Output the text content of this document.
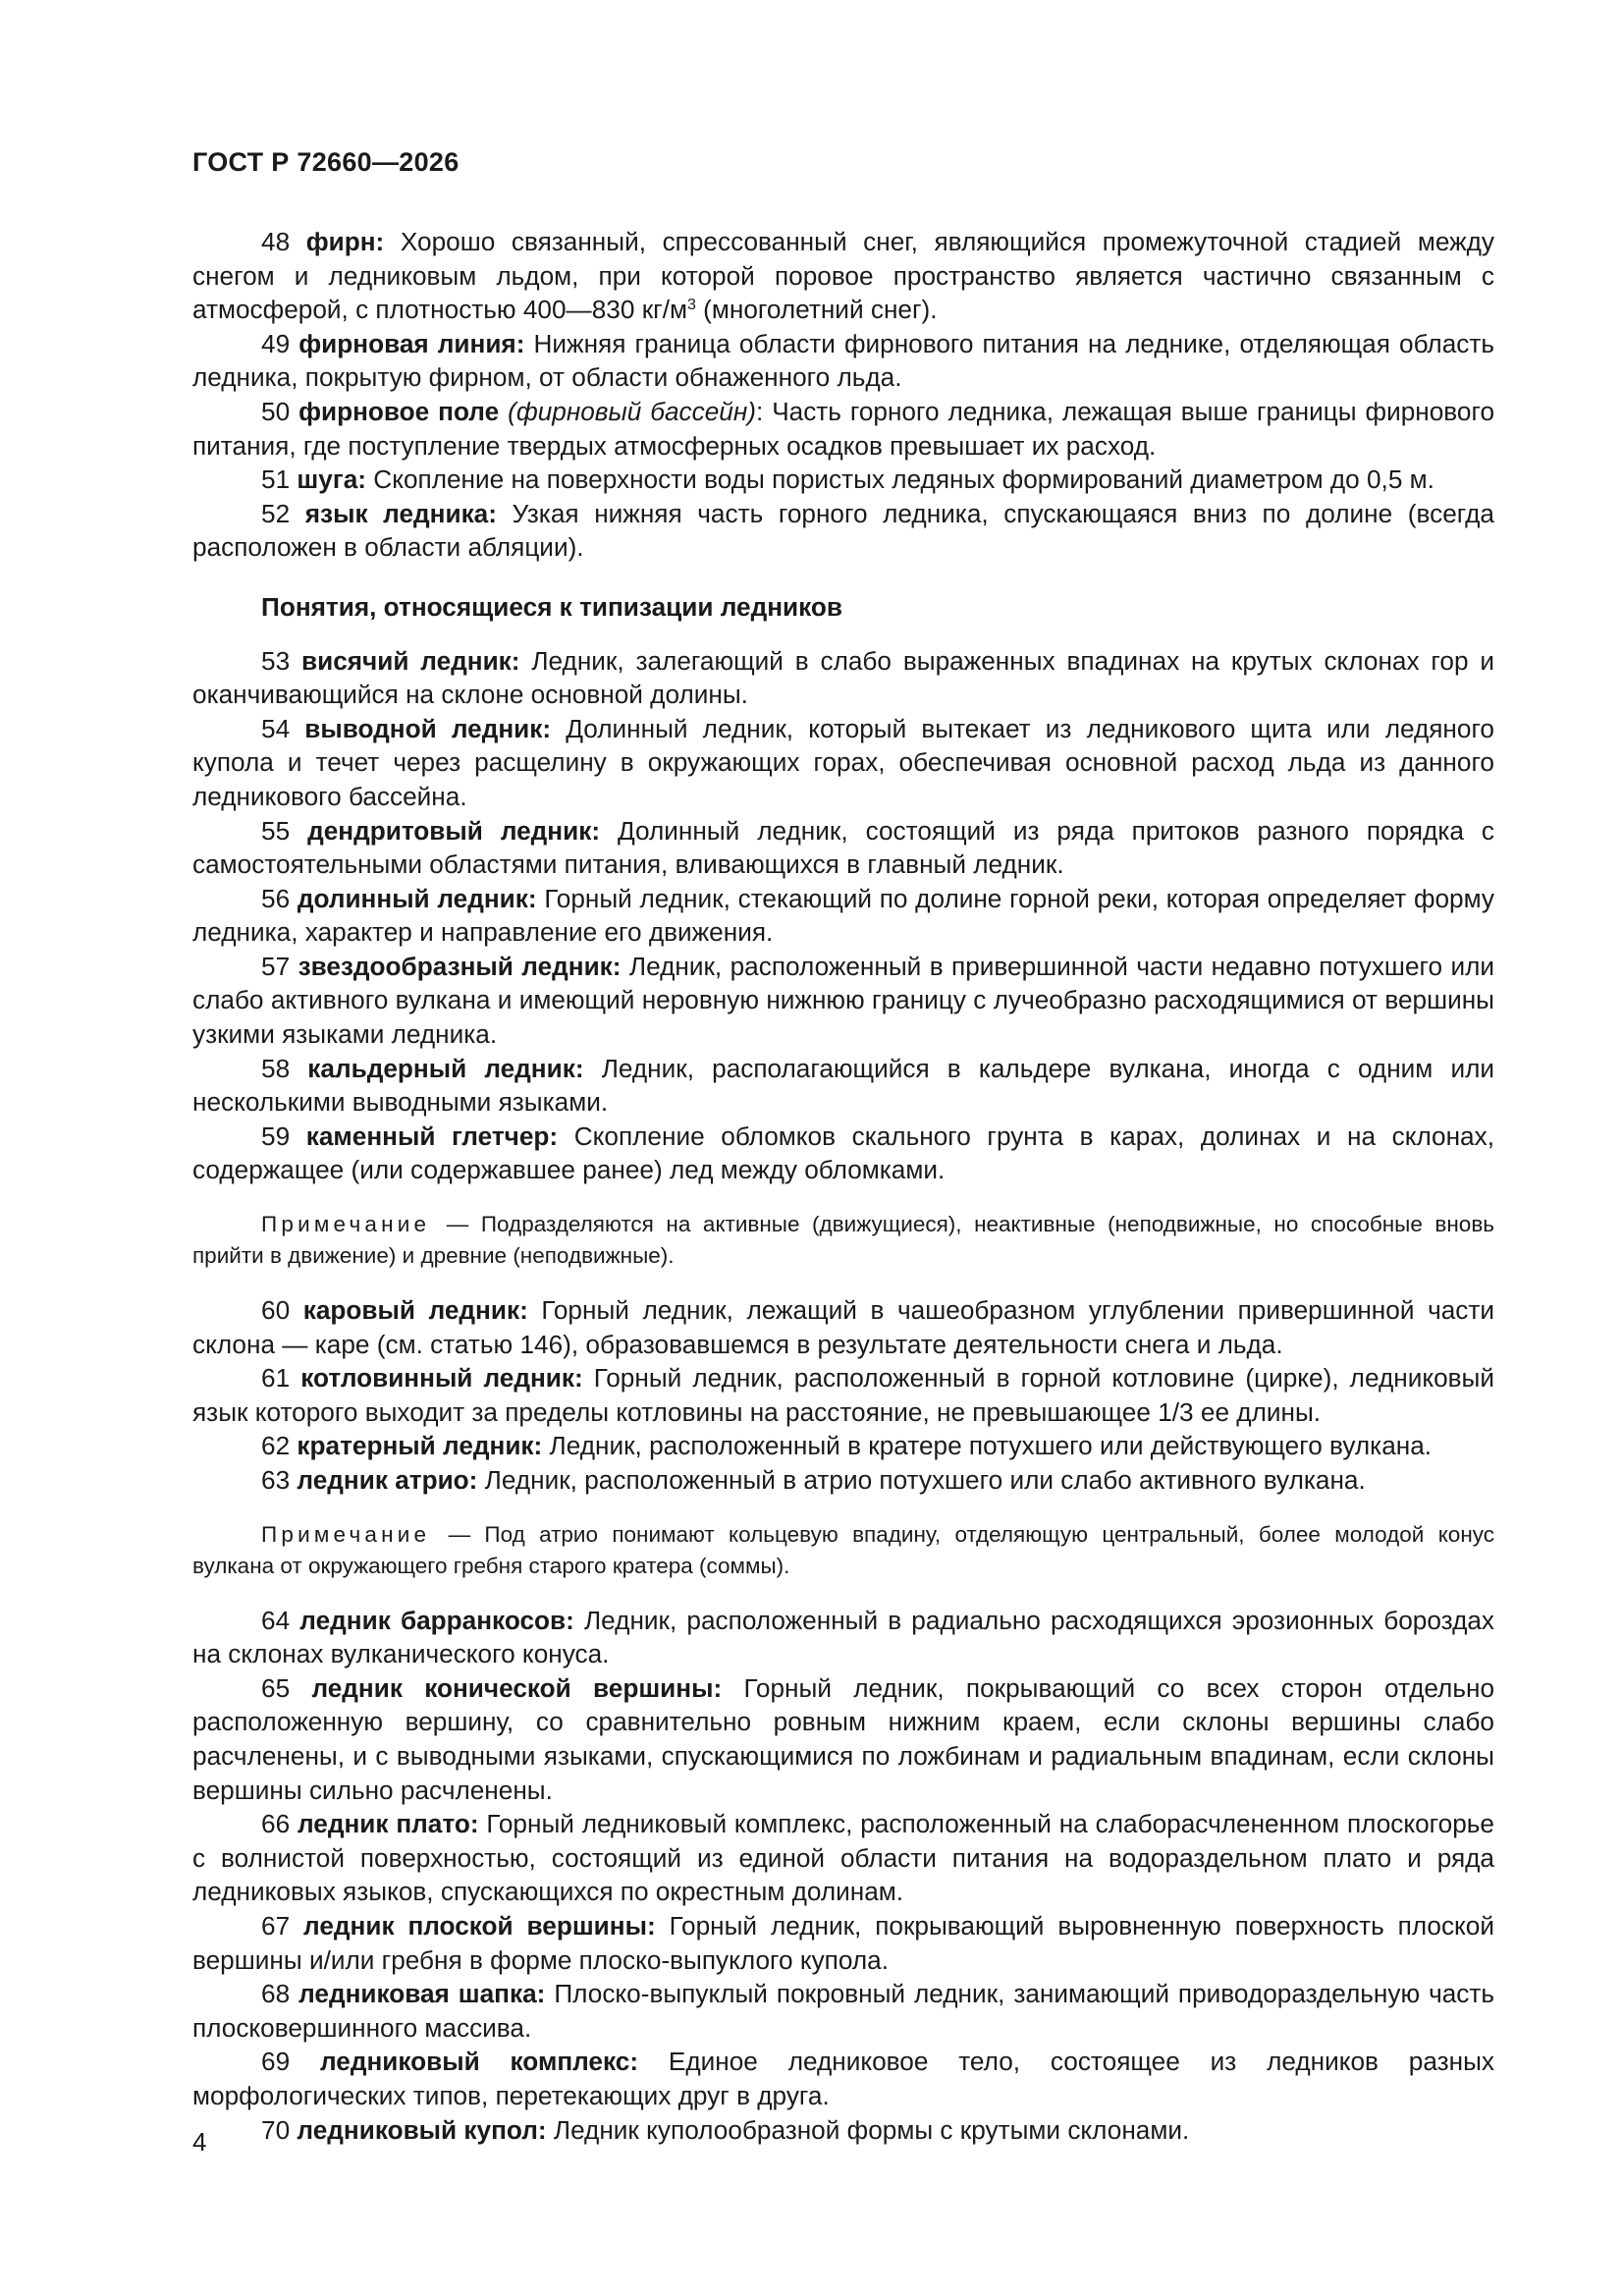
ГОСТ Р 72660—2026

48 фирн: Хорошо связанный, спрессованный снег, являющийся промежуточной стадией между снегом и ледниковым льдом, при которой поровое пространство является частично связанным с атмосферой, с плотностью 400—830 $кг/м^3$ (многолетний снег).

49 фирновая линия: Нижняя граница области фирнового питания на леднике, отделяющая область ледника, покрытую фирном, от области обнаженного льда.

50 фирновое поле (фирновый бассейн): Часть горного ледника, лежащая выше границы фирнового питания, где поступление твердых атмосферных осадков превышает их расход.

51 шуга: Скопление на поверхности воды пористых ледяных формирований диаметром до 0,5 м.

52 язык ледника: Узкая нижняя часть горного ледника, спускающаяся вниз по долине (всегда расположен в области абляции).

Понятия, относящиеся к типизации ледников

53 висячий ледник: Ледник, залегающий в слабо выраженных впадинах на крутых склонах гор и оканчивающийся на склоне основной долины.

54 выводной ледник: Долинный ледник, который вытекает из ледникового щита или ледяного купола и течет через расщелину в окружающих горах, обеспечивая основной расход льда из данного ледникового бассейна.

55 дендритовый ледник: Долинный ледник, состоящий из ряда притоков разного порядка с самостоятельными областями питания, вливающихся в главный ледник.

56 долинный ледник: Горный ледник, стекающий по долине горной реки, которая определяет форму ледника, характер и направление его движения.

57 звездообразный ледник: Ледник, расположенный в привершинной части недавно потухшего или слабо активного вулкана и имеющий неровную нижнюю границу с лучеобразно расходящимися от вершины узкими языками ледника.

58 кальдерный ледник: Ледник, располагающийся в кальдере вулкана, иногда с одним или несколькими выводными языками.

59 каменный глетчер: Скопление обломков скального грунта в карах, долинах и на склонах, содержащее (или содержавшее ранее) лед между обломками.

Примечание — Подразделяются на активные (движущиеся), неактивные (неподвижные, но способные вновь прийти в движение) и древние (неподвижные).

60 каровый ледник: Горный ледник, лежащий в чашеобразном углублении привершинной части склона — каре (см. статью 146), образовавшемся в результате деятельности снега и льда.

61 котловинный ледник: Горный ледник, расположенный в горной котловине (цирке), ледниковый язык которого выходит за пределы котловины на расстояние, не превышающее 1/3 ее длины.

62 кратерный ледник: Ледник, расположенный в кратере потухшего или действующего вулкана.

63 ледник атрио: Ледник, расположенный в атрио потухшего или слабо активного вулкана.

Примечание — Под атрио понимают кольцевую впадину, отделяющую центральный, более молодой конус вулкана от окружающего гребня старого кратера (соммы).

64 ледник барранкосов: Ледник, расположенный в радиально расходящихся эрозионных бороздах на склонах вулканического конуса.

65 ледник конической вершины: Горный ледник, покрывающий со всех сторон отдельно расположенную вершину, со сравнительно ровным нижним краем, если склоны вершины слабо расчленены, и с выводными языками, спускающимися по ложбинам и радиальным впадинам, если склоны вершины сильно расчленены.

66 ледник плато: Горный ледниковый комплекс, расположенный на слаборасчлененном плоскогорье с волнистой поверхностью, состоящий из единой области питания на водораздельном плато и ряда ледниковых языков, спускающихся по окрестным долинам.

67 ледник плоской вершины: Горный ледник, покрывающий выровненную поверхность плоской вершины и/или гребня в форме плоско-выпуклого купола.

68 ледниковая шапка: Плоско-выпуклый покровный ледник, занимающий приводораздельную часть плосковершинного массива.

69 ледниковый комплекс: Единое ледниковое тело, состоящее из ледников разных морфологических типов, перетекающих друг в друга.

70 ледниковый купол: Ледник куполообразной формы с крутыми склонами.

4
